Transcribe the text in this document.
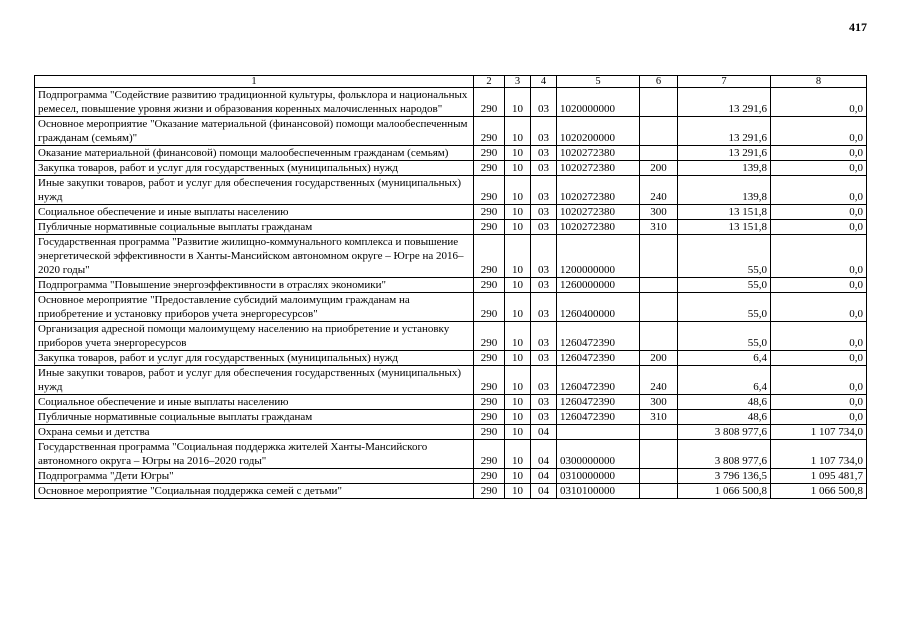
417
1	2	3	4	5	6	7	8
Подпрограмма "Содействие развитию традиционной культуры, фольклора и национальных ремесел, повышение уровня жизни и образования коренных малочисленных народов"	290	10	03	1020000000		13 291,6	0,0
Основное мероприятие "Оказание материальной (финансовой) помощи малообеспеченным гражданам (семьям)"	290	10	03	1020200000		13 291,6	0,0
Оказание материальной (финансовой) помощи малообеспеченным гражданам (семьям)	290	10	03	1020272380		13 291,6	0,0
Закупка товаров, работ и услуг для государственных (муниципальных) нужд	290	10	03	1020272380	200	139,8	0,0
Иные закупки товаров, работ и услуг для обеспечения государственных (муниципальных) нужд	290	10	03	1020272380	240	139,8	0,0
Социальное обеспечение и иные выплаты населению	290	10	03	1020272380	300	13 151,8	0,0
Публичные нормативные социальные выплаты гражданам	290	10	03	1020272380	310	13 151,8	0,0
Государственная программа "Развитие жилищно-коммунального комплекса и повышение энергетической эффективности в Ханты-Мансийском автономном округе – Югре на 2016–2020 годы"	290	10	03	1200000000		55,0	0,0
Подпрограмма "Повышение энергоэффективности в отраслях экономики"	290	10	03	1260000000		55,0	0,0
Основное мероприятие "Предоставление субсидий малоимущим гражданам на приобретение и установку приборов учета энергоресурсов"	290	10	03	1260400000		55,0	0,0
Организация адресной помощи малоимущему населению на приобретение и установку приборов учета энергоресурсов	290	10	03	1260472390		55,0	0,0
Закупка товаров, работ и услуг для государственных (муниципальных) нужд	290	10	03	1260472390	200	6,4	0,0
Иные закупки товаров, работ и услуг для обеспечения государственных (муниципальных) нужд	290	10	03	1260472390	240	6,4	0,0
Социальное обеспечение и иные выплаты населению	290	10	03	1260472390	300	48,6	0,0
Публичные нормативные социальные выплаты гражданам	290	10	03	1260472390	310	48,6	0,0
Охрана семьи и детства	290	10	04			3 808 977,6	1 107 734,0
Государственная программа "Социальная поддержка жителей Ханты-Мансийского автономного округа – Югры на 2016–2020 годы"	290	10	04	0300000000		3 808 977,6	1 107 734,0
Подпрограмма "Дети Югры"	290	10	04	0310000000		3 796 136,5	1 095 481,7
Основное мероприятие "Социальная поддержка семей с детьми"	290	10	04	0310100000		1 066 500,8	1 066 500,8
